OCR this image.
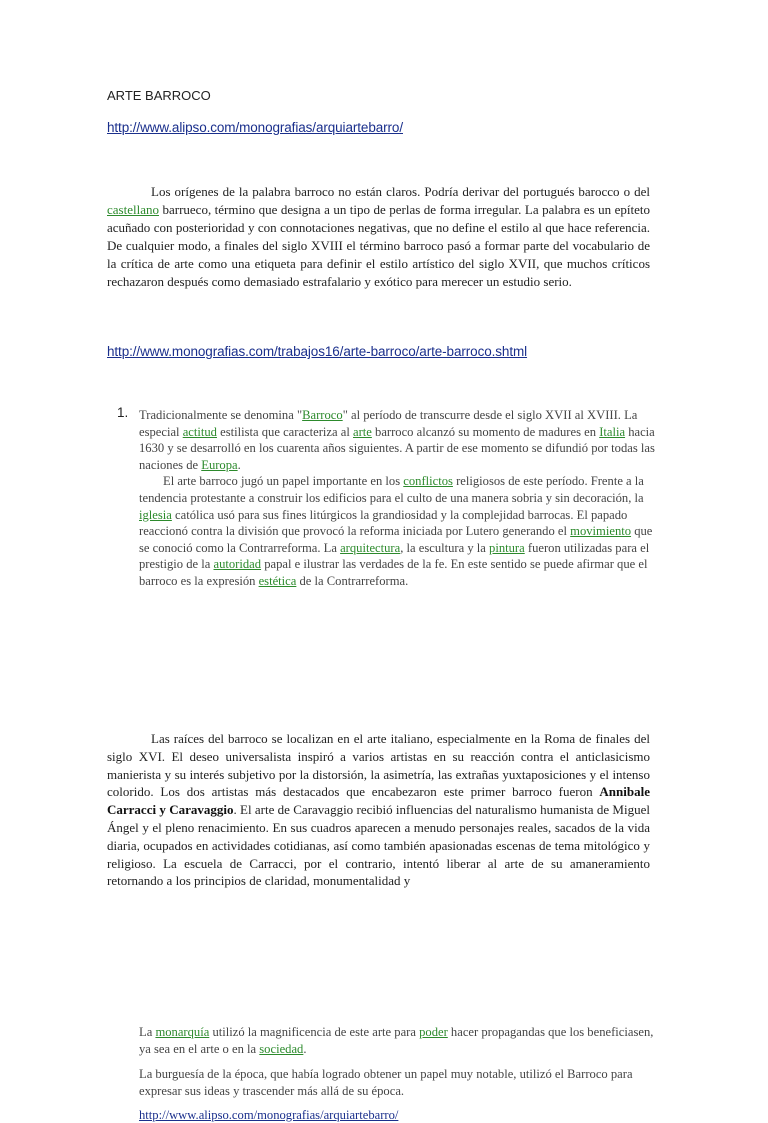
ARTE BARROCO
http://www.alipso.com/monografias/arquiartebarro/

Los orígenes de la palabra barroco no están claros. Podría derivar del portugués barocco o del castellano barrueco, término que designa a un tipo de perlas de forma irregular. La palabra es un epíteto acuñado con posterioridad y con connotaciones negativas, que no define el estilo al que hace referencia. De cualquier modo, a finales del siglo XVIII el término barroco pasó a formar parte del vocabulario de la crítica de arte como una etiqueta para definir el estilo artístico del siglo XVII, que muchos críticos rechazaron después como demasiado estrafalario y exótico para merecer un estudio serio.

http://www.monografias.com/trabajos16/arte-barroco/arte-barroco.shtml
1. Tradicionalmente se denomina "Barroco" al período de transcurre desde el siglo XVII al XVIII. La especial actitud estilista que caracteriza al arte barroco alcanzó su momento de madures en Italia hacia 1630 y se desarrolló en los cuarenta años siguientes. A partir de ese momento se difundió por todas las naciones de Europa.
El arte barroco jugó un papel importante en los conflictos religiosos de este período. Frente a la tendencia protestante a construir los edificios para el culto de una manera sobria y sin decoración, la iglesia católica usó para sus fines litúrgicos la grandiosidad y la complejidad barrocas. El papado reaccionó contra la división que provocó la reforma iniciada por Lutero generando el movimiento que se conoció como la Contrarreforma. La arquitectura, la escultura y la pintura fueron utilizadas para el prestigio de la autoridad papal e ilustrar las verdades de la fe. En este sentido se puede afirmar que el barroco es la expresión estética de la Contrarreforma.
La monarquía utilizó la magnificencia de este arte para poder hacer propagandas que los beneficiasen, ya sea en el arte o en la sociedad.
La burguesía de la época, que había logrado obtener un papel muy notable, utilizó el Barroco para expresar sus ideas y trascender más allá de su época.
http://www.alipso.com/monografias/arquiartebarro/

Las raíces del barroco se localizan en el arte italiano, especialmente en la Roma de finales del siglo XVI. El deseo universalista inspiró a varios artistas en su reacción contra el anticlasicismo manierista y su interés subjetivo por la distorsión, la asimetría, las extrañas yuxtaposiciones y el intenso colorido. Los dos artistas más destacados que encabezaron este primer barroco fueron Annibale Carracci y Caravaggio. El arte de Caravaggio recibió influencias del naturalismo humanista de Miguel Ángel y el pleno renacimiento. En sus cuadros aparecen a menudo personajes reales, sacados de la vida diaria, ocupados en actividades cotidianas, así como también apasionadas escenas de tema mitológico y religioso. La escuela de Carracci, por el contrario, intentó liberar al arte de su amaneramiento retornando a los principios de claridad, monumentalidad y
